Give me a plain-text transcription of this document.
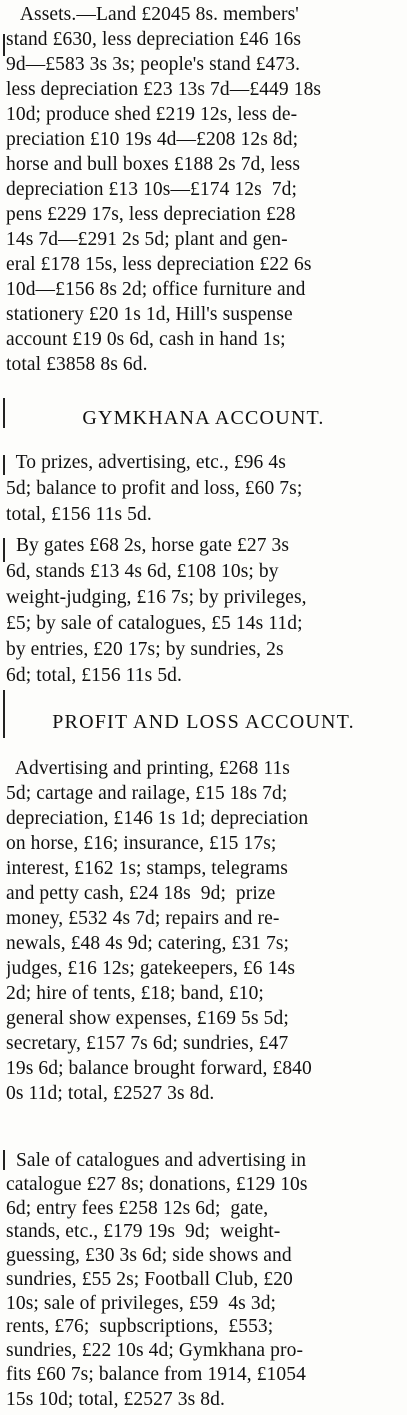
Assets.—Land £2045 8s. members'
stand £630, less depreciation £46 16s
9d—£583 3s 3s; people's stand £473.
less depreciation £23 13s 7d—£449 18s
10d; produce shed £219 12s, less de-
preciation £10 19s 4d—£208 12s 8d;
horse and bull boxes £188 2s 7d, less
depreciation £13 10s—£174 12s  7d;
pens £229 17s, less depreciation £28
14s 7d—£291 2s 5d; plant and gen-
eral £178 15s, less depreciation £22 6s
10d—£156 8s 2d; office furniture and
stationery £20 1s 1d, Hill's suspense
account £19 0s 6d, cash in hand 1s;
total £3858 8s 6d.
GYMKHANA ACCOUNT.
To prizes, advertising, etc., £96 4s
5d; balance to profit and loss, £60 7s;
total, £156 11s 5d.
By gates £68 2s, horse gate £27 3s
6d, stands £13 4s 6d, £108 10s; by
weight-judging, £16 7s; by privileges,
£5; by sale of catalogues, £5 14s 11d;
by entries, £20 17s; by sundries, 2s
6d; total, £156 11s 5d.
PROFIT AND LOSS ACCOUNT.
Advertising and printing, £268 11s
5d; cartage and railage, £15 18s 7d;
depreciation, £146 1s 1d; depreciation
on horse, £16; insurance, £15 17s;
interest, £162 1s; stamps, telegrams
and petty cash, £24 18s  9d;  prize
money, £532 4s 7d; repairs and re-
newals, £48 4s 9d; catering, £31 7s;
judges, £16 12s; gatekeepers, £6 14s
2d; hire of tents, £18; band, £10;
general show expenses, £169 5s 5d;
secretary, £157 7s 6d; sundries, £47
19s 6d; balance brought forward, £840
0s 11d; total, £2527 3s 8d.
Sale of catalogues and advertising in
catalogue £27 8s; donations, £129 10s
6d; entry fees £258 12s 6d;  gate,
stands, etc., £179 19s  9d;  weight-
guessing, £30 3s 6d; side shows and
sundries, £55 2s; Football Club, £20
10s; sale of privileges, £59  4s 3d;
rents, £76;  supbscriptions,  £553;
sundries, £22 10s 4d; Gymkhana pro-
fits £60 7s; balance from 1914, £1054
15s 10d; total, £2527 3s 8d.
